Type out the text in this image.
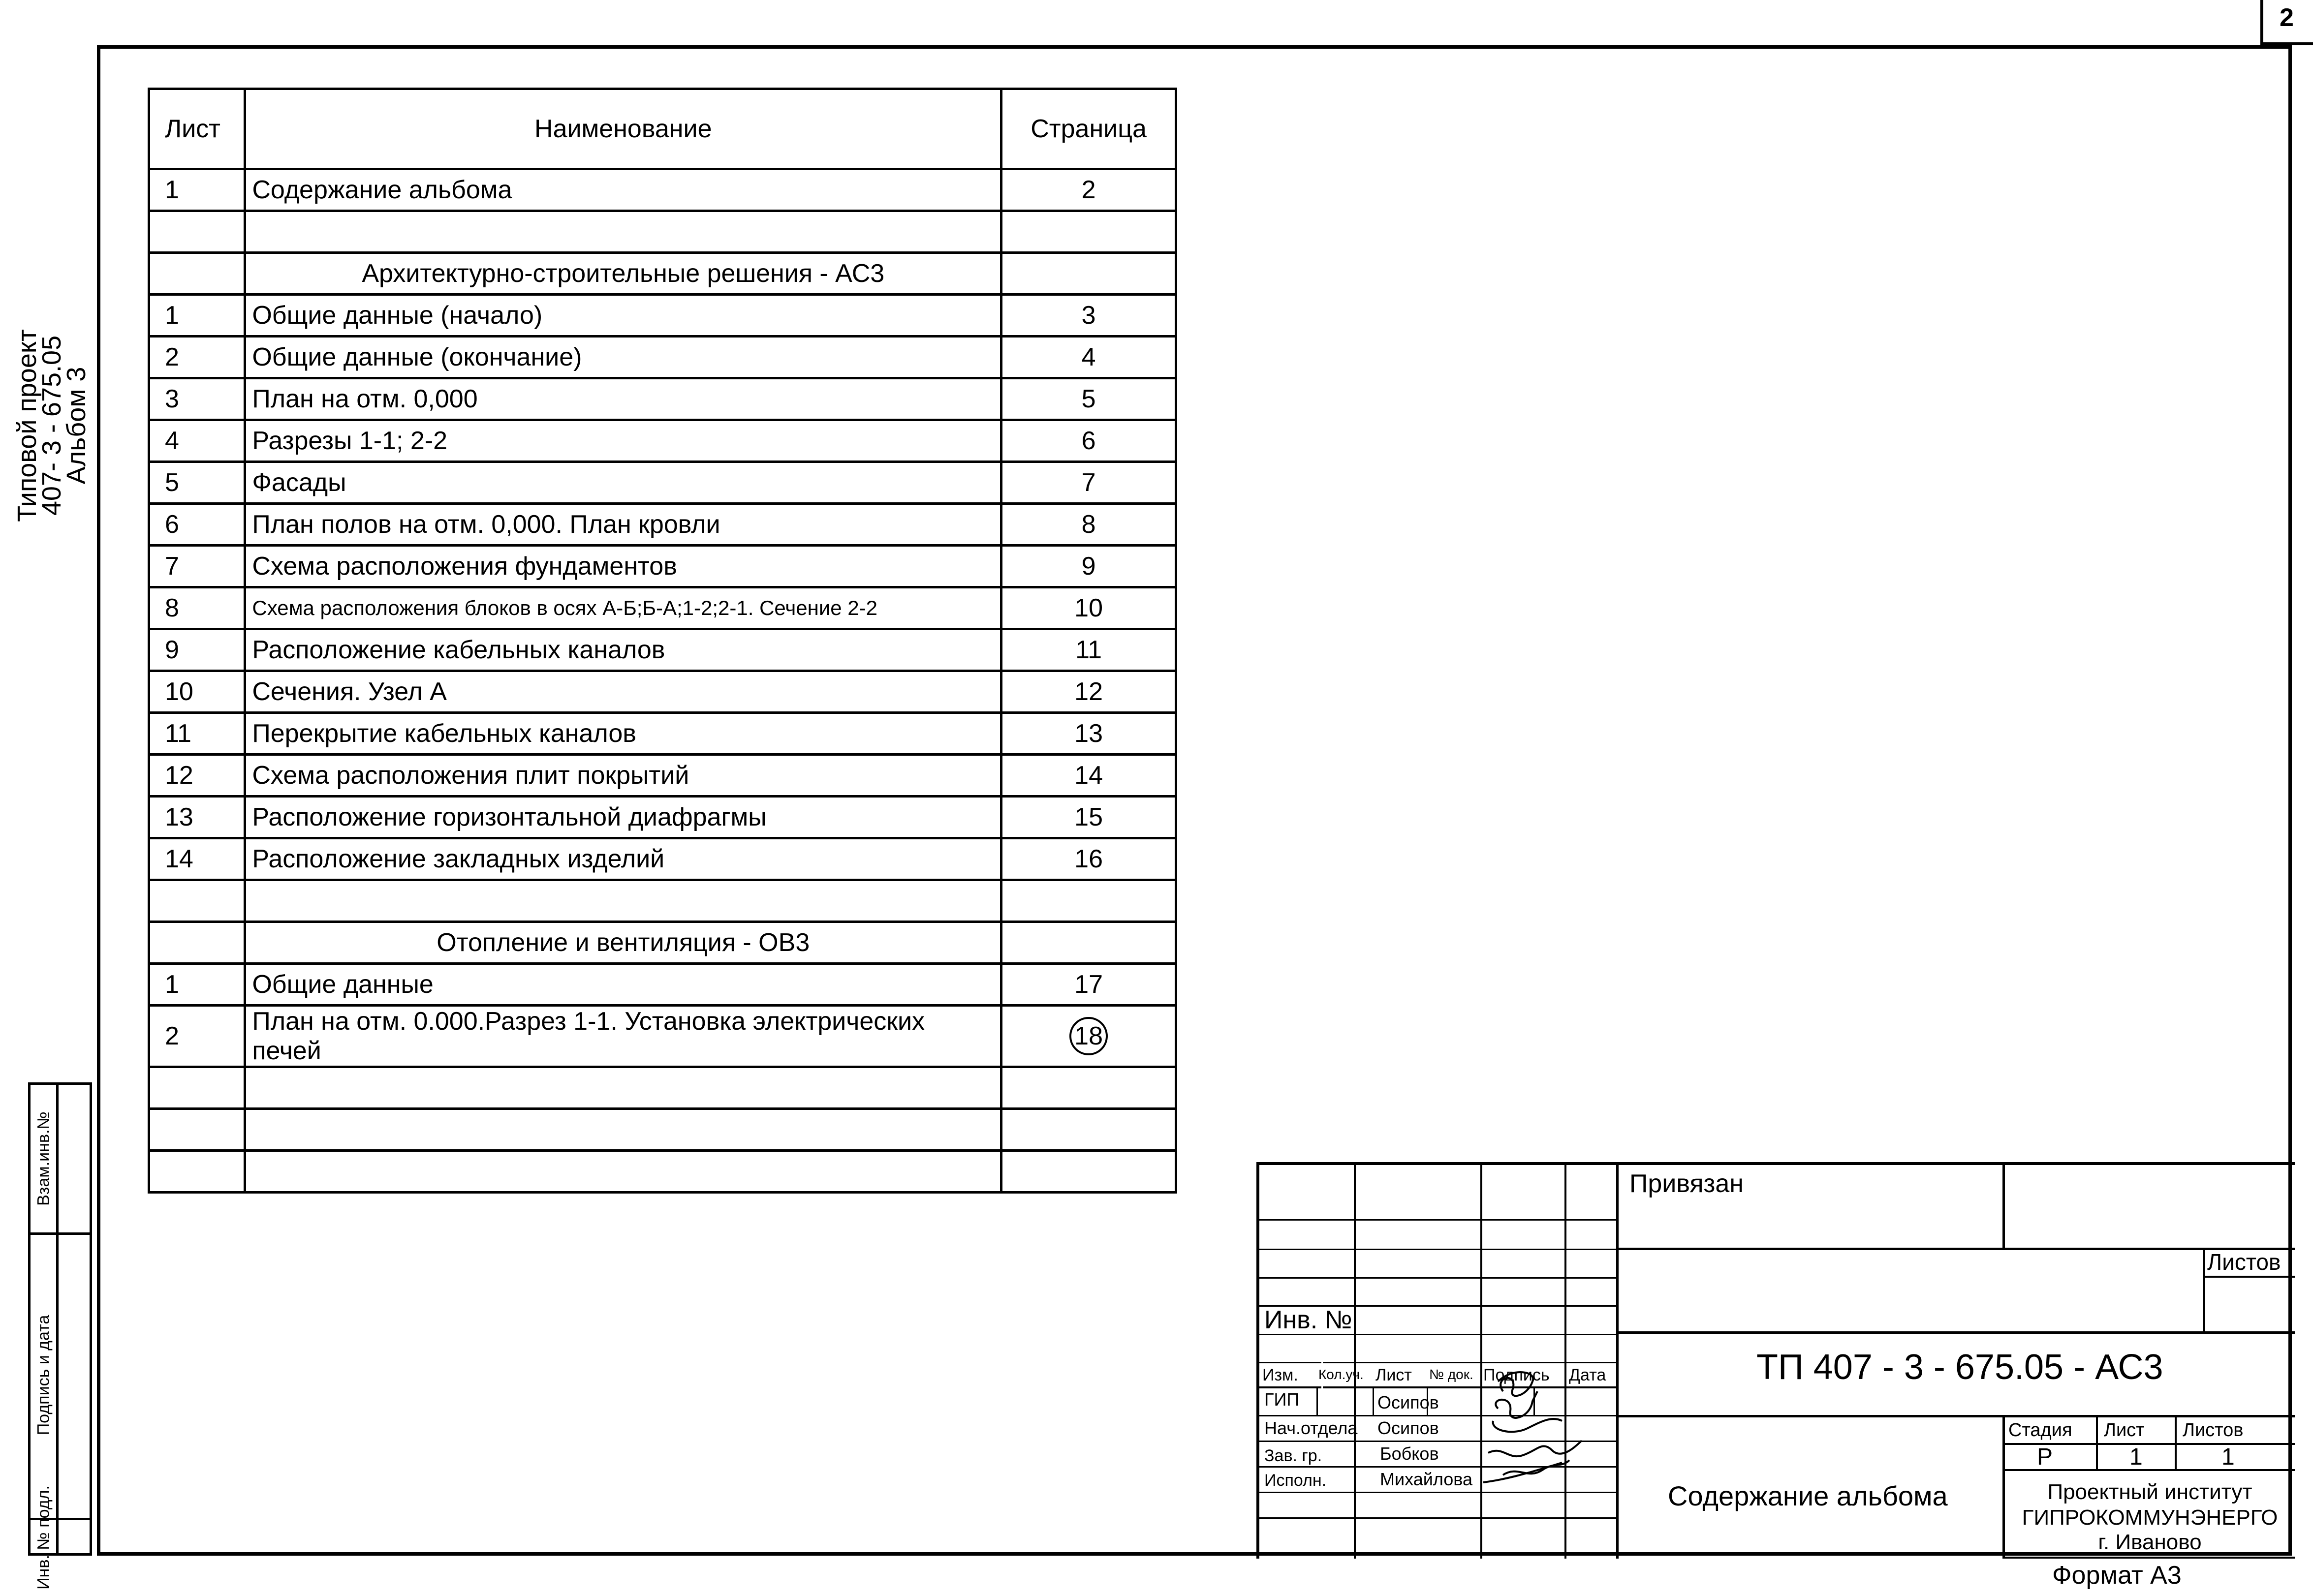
2
Типовой проект
407- 3 - 675.05
Альбом 3
Взам.инв.№
Подпись и дата
Инв. № подл.
Лист	Наименование	Страница
1	Содержание альбома	2

	Архитектурно-строительные решения - АС3	
1	Общие данные (начало)	3
2	Общие данные (окончание)	4
3	План на отм. 0,000	5
4	Разрезы 1-1; 2-2	6
5	Фасады	7
6	План полов на отм. 0,000. План кровли	8
7	Схема расположения фундаментов	9
8	Схема расположения блоков в осях А-Б;Б-А;1-2;2-1. Сечение 2-2	10
9	Расположение кабельных каналов	11
10	Сечения. Узел А	12
11	Перекрытие кабельных каналов	13
12	Схема расположения плит покрытий	14
13	Расположение горизонтальной диафрагмы	15
14	Расположение закладных изделий	16

	Отопление и вентиляция - ОВ3	
1	Общие данные	17
2	План на отм. 0.000.Разрез 1-1. Установка электрических печей	18

Привязан
Листов
Инв. №
Изм. Кол.уч. Лист № док. Подпись Дата
ГИП	Осипов
Нач.отдела Осипов
Зав. гр.	Бобков
Исполн.	Михайлова
ТП 407 - 3 - 675.05 - АС3
Содержание альбома
Стадия Лист Листов
Р	1	1
Проектный институт
ГИПРОКОММУНЭНЕРГО
г. Иваново
Формат А3
